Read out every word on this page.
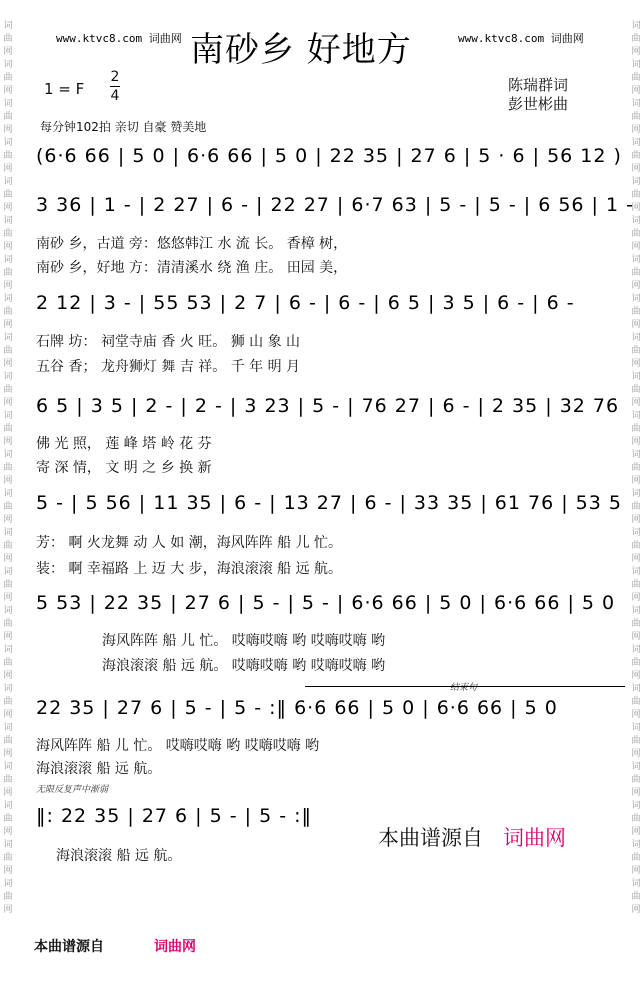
词
曲
网
词
曲
网
词
曲
网
词
曲
网
词
曲
网
词
曲
网
词
曲
网
词
曲
网
词
曲
网
词
曲
网
词
曲
网
词
曲
网
词
曲
网
词
曲
网
词
曲
网
词
曲
网
词
曲
网
词
曲
网
词
曲
网
词
曲
网
词
曲
网
词
曲
网
词
曲
网
词
曲
网
词
曲
网
词
曲
网
词
曲
网
词
曲
网
词
曲
网
词
曲
网
词
曲
网
词
曲
网
词
曲
网
词
曲
网
词
曲
网
词
曲
网
词
曲
网
词
曲
网
词
曲
网
词
曲
网
词
曲
网
词
曲
网
词
曲
网
词
曲
网
词
曲
网
词
曲
网
www.ktvc8.com 词曲网	www.ktvc8.com 词曲网
南砂乡 好地方
1 = F
2
4
陈瑞群词
彭世彬曲
每分钟102拍 亲切 自豪 赞美地
(6·6 66 | 5 0 | 6·6 66 | 5 0 | 22 35 | 27 6 | 5 · 6 | 56 12 )
3 36 | 1 - | 2 27 | 6 - | 22 27 | 6·7 63 | 5 - | 5 - | 6 56 | 1 -
南砂 乡，古道 旁：悠悠韩江 水 流 长。 香樟 树，
南砂 乡，好地 方：清清溪水 绕 渔 庄。 田园 美，
2 12 | 3 - | 55 53 | 2 7 | 6 - | 6 - | 6 5 | 3 5 | 6 - | 6 -
石牌 坊： 祠堂寺庙 香 火 旺。 狮 山 象 山
五谷 香； 龙舟狮灯 舞 吉 祥。 千 年 明 月
6 5 | 3 5 | 2 - | 2 - | 3 23 | 5 - | 76 27 | 6 - | 2 35 | 32 76
佛 光 照， 莲 峰 塔 岭 花 芬
寄 深 情， 文 明 之 乡 换 新
5 - | 5 56 | 11 35 | 6 - | 13 27 | 6 - | 33 35 | 61 76 | 53 5
芳： 啊 火龙舞 动 人 如 潮，海风阵阵 船 儿 忙。
装： 啊 幸福路 上 迈 大 步，海浪滚滚 船 远 航。
5 53 | 22 35 | 27 6 | 5 - | 5 - | 6·6 66 | 5 0 | 6·6 66 | 5 0
海风阵阵 船 儿 忙。 哎嗨哎嗨 哟 哎嗨哎嗨 哟
海浪滚滚 船 远 航。 哎嗨哎嗨 哟 哎嗨哎嗨 哟
结束句
22 35 | 27 6 | 5 - | 5 - :‖ 6·6 66 | 5 0 | 6·6 66 | 5 0
海风阵阵 船 儿 忙。 哎嗨哎嗨 哟 哎嗨哎嗨 哟
海浪滚滚 船 远 航。
无限反复声中渐弱
‖: 22 35 | 27 6 | 5 - | 5 - :‖
海浪滚滚 船 远 航。
本曲谱源自 词曲网
本曲谱源自	词曲网
